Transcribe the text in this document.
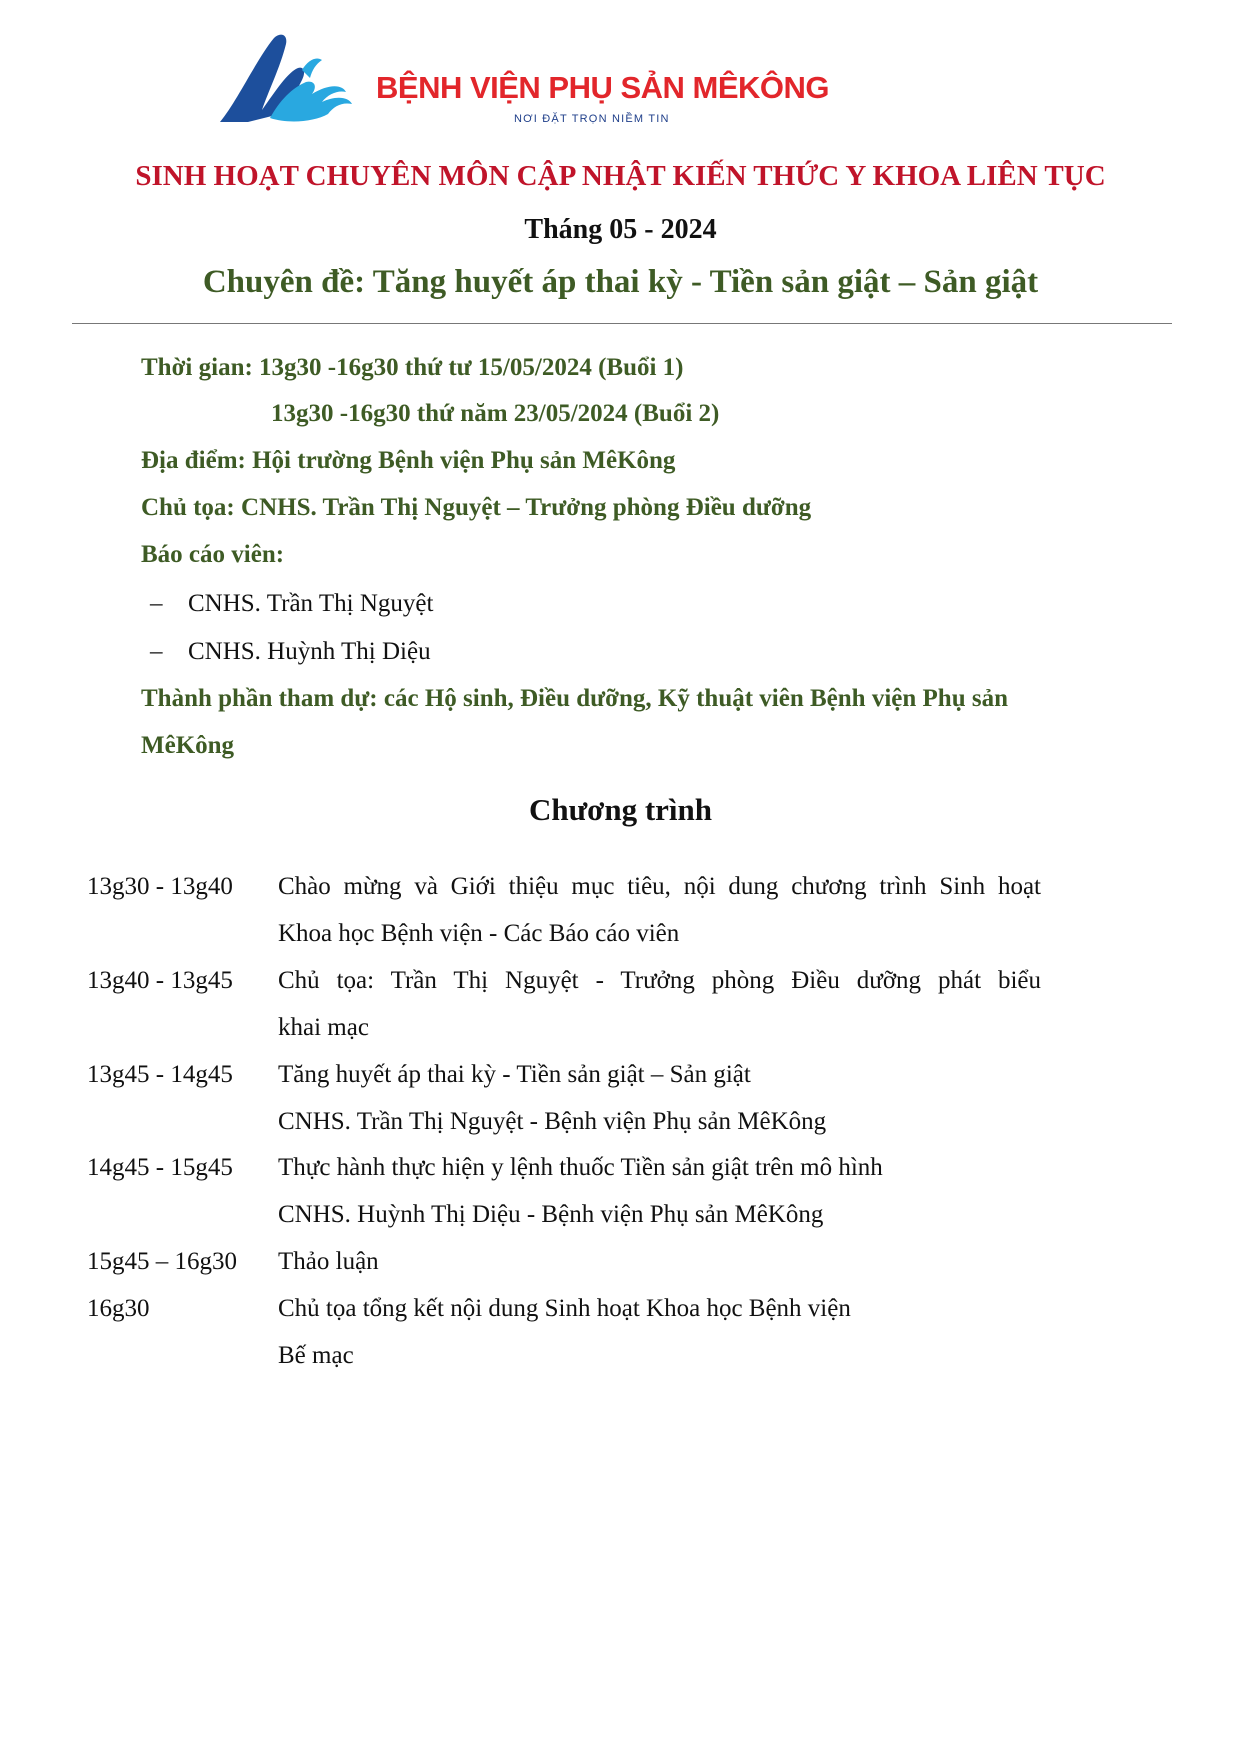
BỆNH VIỆN PHỤ SẢN MÊKÔNG
NƠI ĐẶT TRỌN NIỀM TIN
SINH HOẠT CHUYÊN MÔN CẬP NHẬT KIẾN THỨC Y KHOA LIÊN TỤC
Tháng 05 - 2024
Chuyên đề: Tăng huyết áp thai kỳ - Tiền sản giật – Sản giật
Thời gian: 13g30 -16g30 thứ tư 15/05/2024 (Buổi 1)
13g30 -16g30 thứ năm 23/05/2024 (Buổi 2)
Địa điểm: Hội trường Bệnh viện Phụ sản MêKông
Chủ tọa: CNHS. Trần Thị Nguyệt – Trưởng phòng Điều dưỡng
Báo cáo viên:
– CNHS. Trần Thị Nguyệt
– CNHS. Huỳnh Thị Diệu
Thành phần tham dự: các Hộ sinh, Điều dưỡng, Kỹ thuật viên Bệnh viện Phụ sản
MêKông
Chương trình
13g30 - 13g40 Chào mừng và Giới thiệu mục tiêu, nội dung chương trình Sinh hoạt
Khoa học Bệnh viện - Các Báo cáo viên
13g40 - 13g45 Chủ tọa: Trần Thị Nguyệt - Trưởng phòng Điều dưỡng phát biểu
khai mạc
13g45 - 14g45 Tăng huyết áp thai kỳ - Tiền sản giật – Sản giật
CNHS. Trần Thị Nguyệt - Bệnh viện Phụ sản MêKông
14g45 - 15g45 Thực hành thực hiện y lệnh thuốc Tiền sản giật trên mô hình
CNHS. Huỳnh Thị Diệu - Bệnh viện Phụ sản MêKông
15g45 – 16g30 Thảo luận
16g30	Chủ tọa tổng kết nội dung Sinh hoạt Khoa học Bệnh viện
Bế mạc
